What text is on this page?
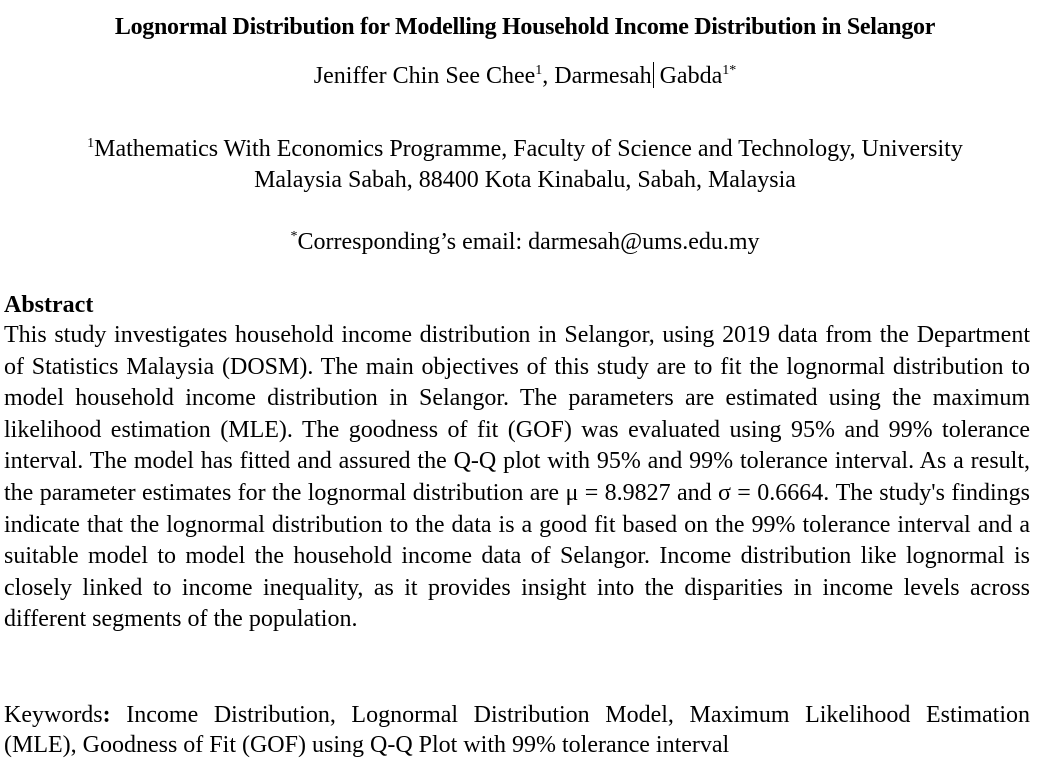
Lognormal Distribution for Modelling Household Income Distribution in Selangor
Jeniffer Chin See Chee$^1$, Darmesah Gabda$^{1*}$
$^1$Mathematics With Economics Programme, Faculty of Science and Technology, University
Malaysia Sabah, 88400 Kota Kinabalu, Sabah, Malaysia
*Corresponding’s email: darmesah@ums.edu.my
Abstract

This study investigates household income distribution in Selangor, using 2019 data from the Department of Statistics Malaysia (DOSM). The main objectives of this study are to fit the lognormal distribution to model household income distribution in Selangor. The parameters are estimated using the maximum likelihood estimation (MLE). The goodness of fit (GOF) was evaluated using 95% and 99% tolerance interval. The model has fitted and assured the Q-Q plot with 95% and 99% tolerance interval. As a result, the parameter estimates for the lognormal distribution are μ = 8.9827 and σ = 0.6664. The study's findings indicate that the lognormal distribution to the data is a good fit based on the 99% tolerance interval and a suitable model to model the household income data of Selangor. Income distribution like lognormal is closely linked to income inequality, as it provides insight into the disparities in income levels across different segments of the population.

Keywords: Income Distribution, Lognormal Distribution Model, Maximum Likelihood Estimation (MLE), Goodness of Fit (GOF) using Q-Q Plot with 99% tolerance interval
